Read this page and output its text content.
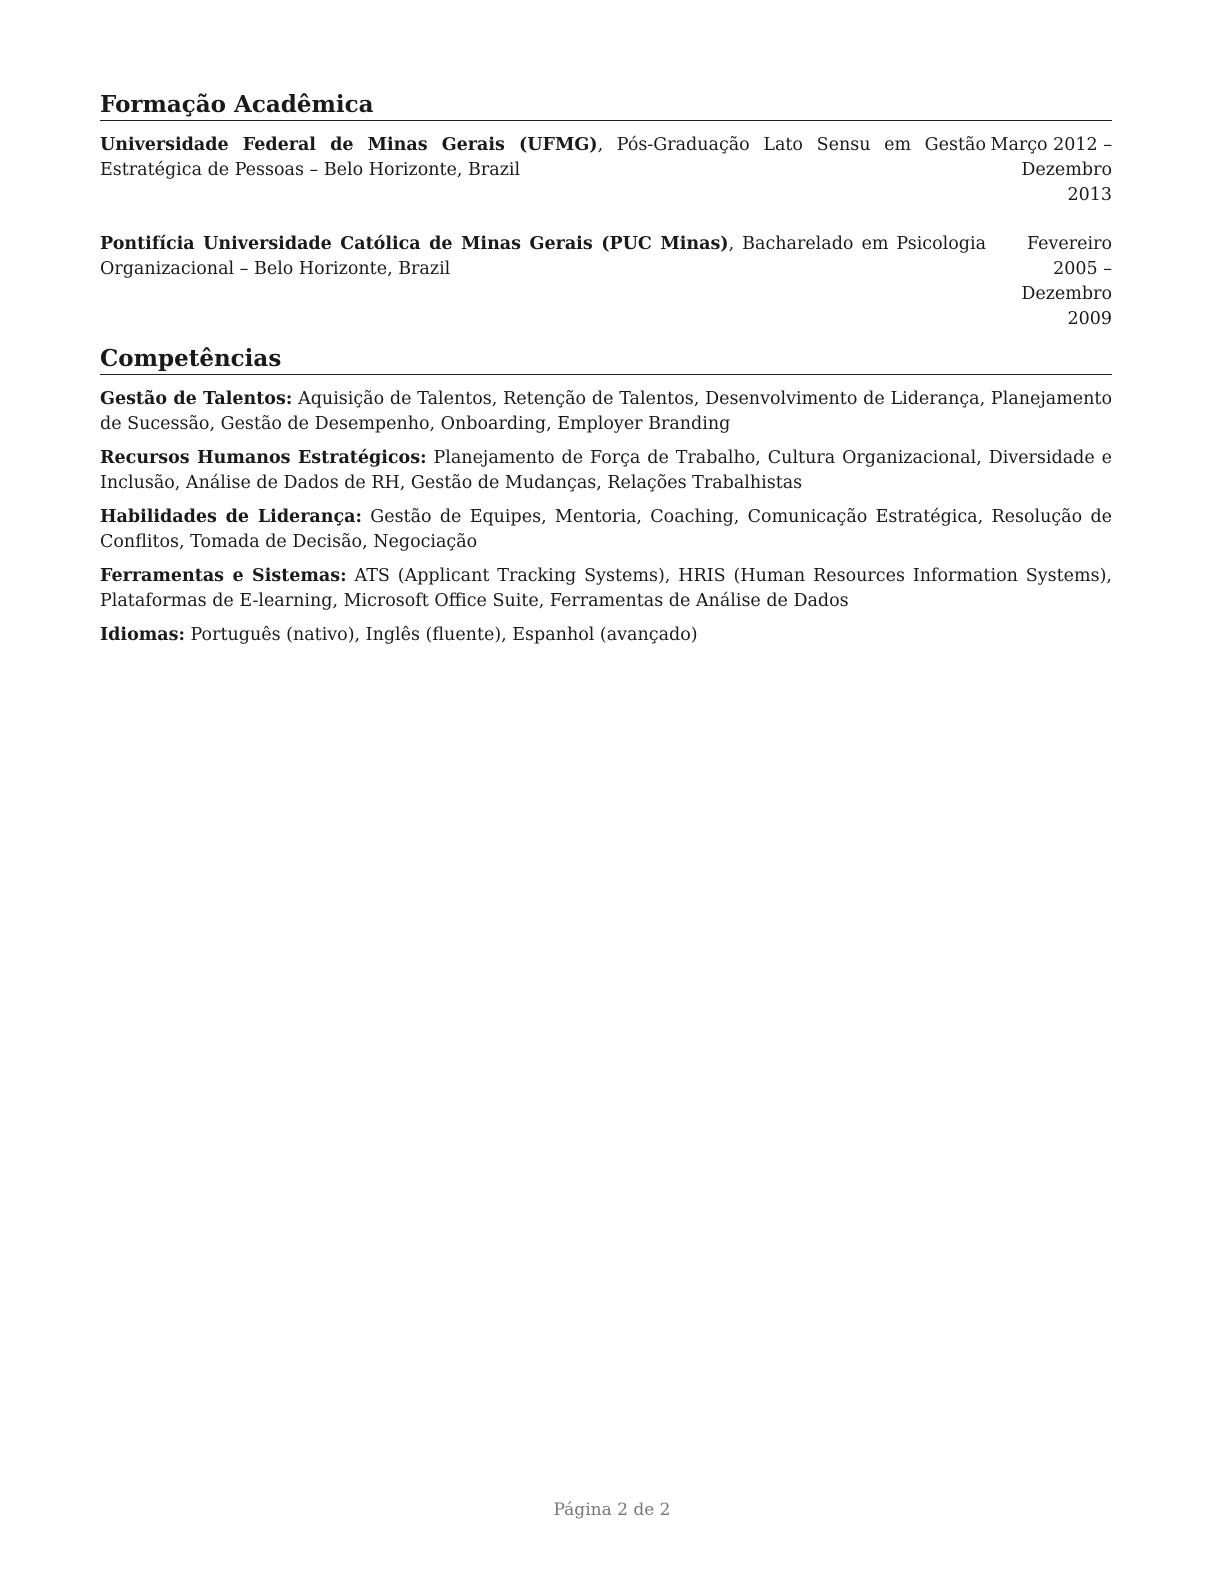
Formação Acadêmica
Universidade Federal de Minas Gerais (UFMG), Pós-Graduação Lato Sensu em Gestão Estratégica de Pessoas – Belo Horizonte, Brazil
Março 2012 – Dezembro 2013
Pontifícia Universidade Católica de Minas Gerais (PUC Minas), Bacharelado em Psicologia Organizacional – Belo Horizonte, Brazil
Fevereiro 2005 – Dezembro 2009
Competências
Gestão de Talentos: Aquisição de Talentos, Retenção de Talentos, Desenvolvimento de Liderança, Planejamento de Sucessão, Gestão de Desempenho, Onboarding, Employer Branding
Recursos Humanos Estratégicos: Planejamento de Força de Trabalho, Cultura Organizacional, Diversidade e Inclusão, Análise de Dados de RH, Gestão de Mudanças, Relações Trabalhistas
Habilidades de Liderança: Gestão de Equipes, Mentoria, Coaching, Comunicação Estratégica, Resolução de Conflitos, Tomada de Decisão, Negociação
Ferramentas e Sistemas: ATS (Applicant Tracking Systems), HRIS (Human Resources Information Systems), Plataformas de E-learning, Microsoft Office Suite, Ferramentas de Análise de Dados
Idiomas: Português (nativo), Inglês (fluente), Espanhol (avançado)
Página 2 de 2
